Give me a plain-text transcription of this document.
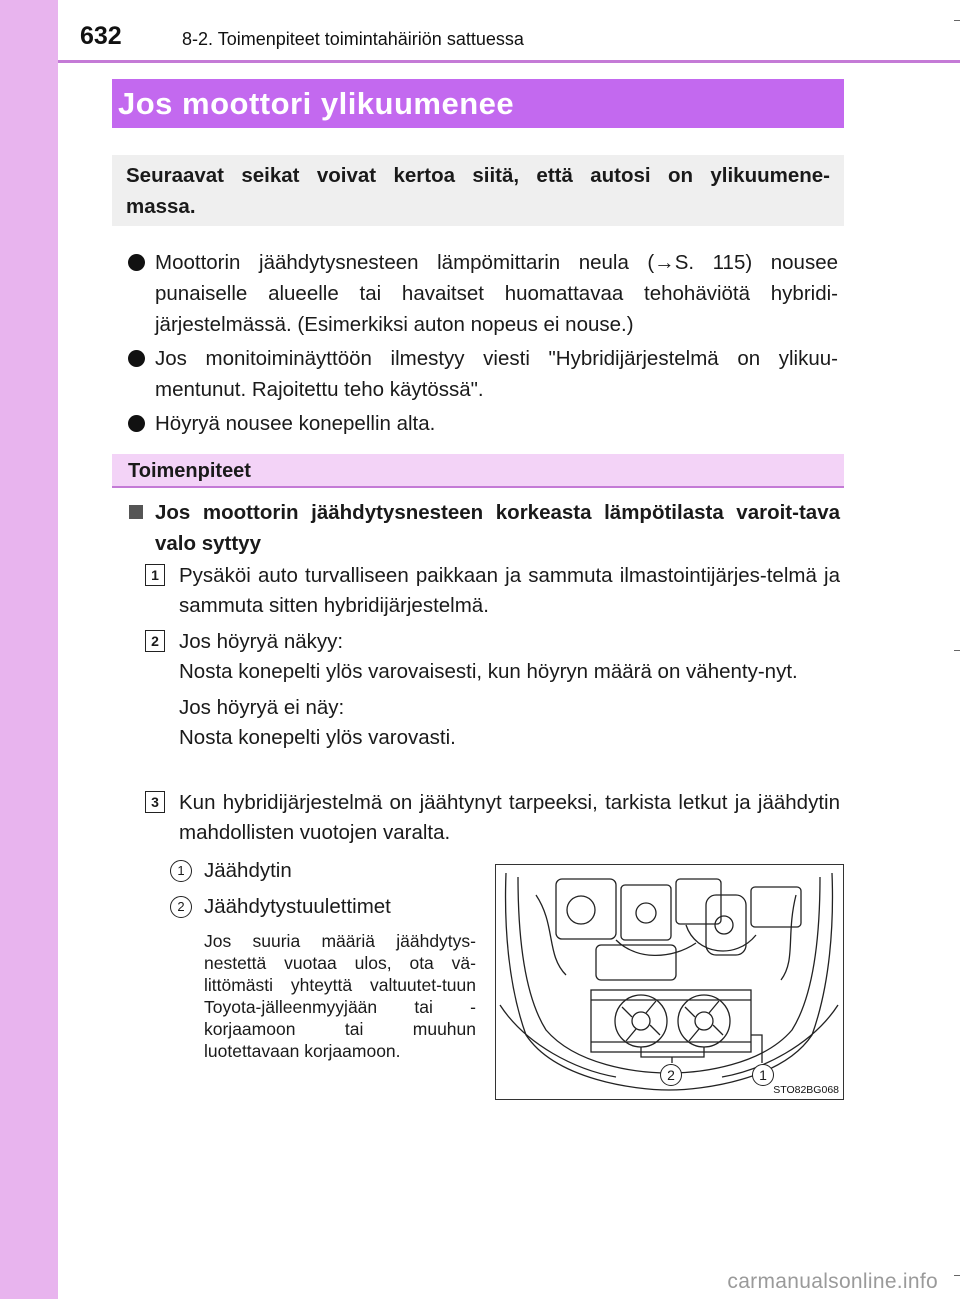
632	8-2. Toimenpiteet toimintahäiriön sattuessa
Jos moottori ylikuumenee
Seuraavat seikat voivat kertoa siitä, että autosi on ylikuumene-massa.
Moottorin jäähdytysnesteen lämpömittarin neula (→S. 115) nousee punaiselle alueelle tai havaitset huomattavaa tehohäviötä hybridi-järjestelmässä. (Esimerkiksi auton nopeus ei nouse.)
Jos monitoiminäyttöön ilmestyy viesti "Hybridijärjestelmä on ylikuu-mentunut. Rajoitettu teho käytössä".
Höyryä nousee konepellin alta.
Toimenpiteet
Jos moottorin jäähdytysnesteen korkeasta lämpötilasta varoit-tava valo syttyy
1 Pysäköi auto turvalliseen paikkaan ja sammuta ilmastointijärjes-telmä ja sammuta sitten hybridijärjestelmä.
2 Jos höyryä näkyy:

Nosta konepelti ylös varovaisesti, kun höyryn määrä on vähenty-nyt.

Jos höyryä ei näy:

Nosta konepelti ylös varovasti.

3 Kun hybridijärjestelmä on jäähtynyt tarpeeksi, tarkista letkut ja jäähdytin mahdollisten vuotojen varalta.
1 Jäähdytin
2 Jäähdytystuulettimet
Jos suuria määriä jäähdytys-nestettä vuotaa ulos, ota vä-littömästi yhteyttä valtuutet-tuun Toyota-jälleenmyyjään tai -korjaamoon tai muuhun luotettavaan korjaamoon.
2	1
STO82BG068
carmanualsonline.info
